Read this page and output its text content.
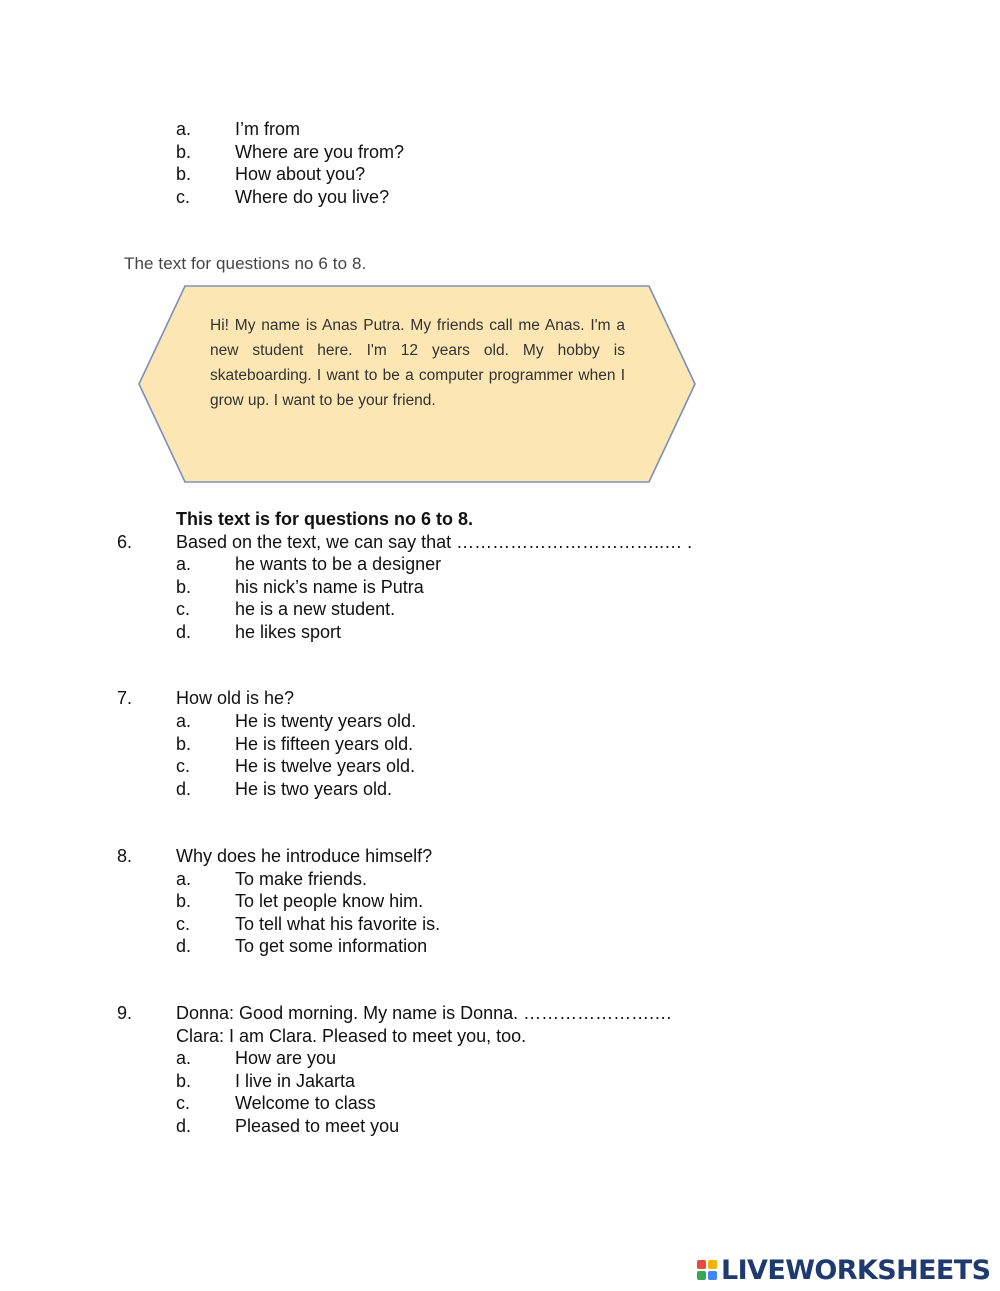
a. I’m from
b. Where are you from?
b. How about you?
c. Where do you live?
The text for questions no 6 to 8.
Hi! My name is Anas Putra. My friends call me Anas. I'm a new student here. I'm 12 years old. My hobby is skateboarding. I want to be a computer programmer when I grow up. I want to be your friend.
This text is for questions no 6 to 8.
6. Based on the text, we can say that ……………………………..… .
a. he wants to be a designer
b. his nick’s name is Putra
c. he is a new student.
d. he likes sport
7. How old is he?
a. He is twenty years old.
b. He is fifteen years old.
c. He is twelve years old.
d. He is two years old.
8. Why does he introduce himself?
a. To make friends.
b. To let people know him.
c. To tell what his favorite is.
d. To get some information
9. Donna: Good morning. My name is Donna. ………………….…
Clara: I am Clara. Pleased to meet you, too.
a. How are you
b. I live in Jakarta
c. Welcome to class
d. Pleased to meet you
LIVEWORKSHEETS
